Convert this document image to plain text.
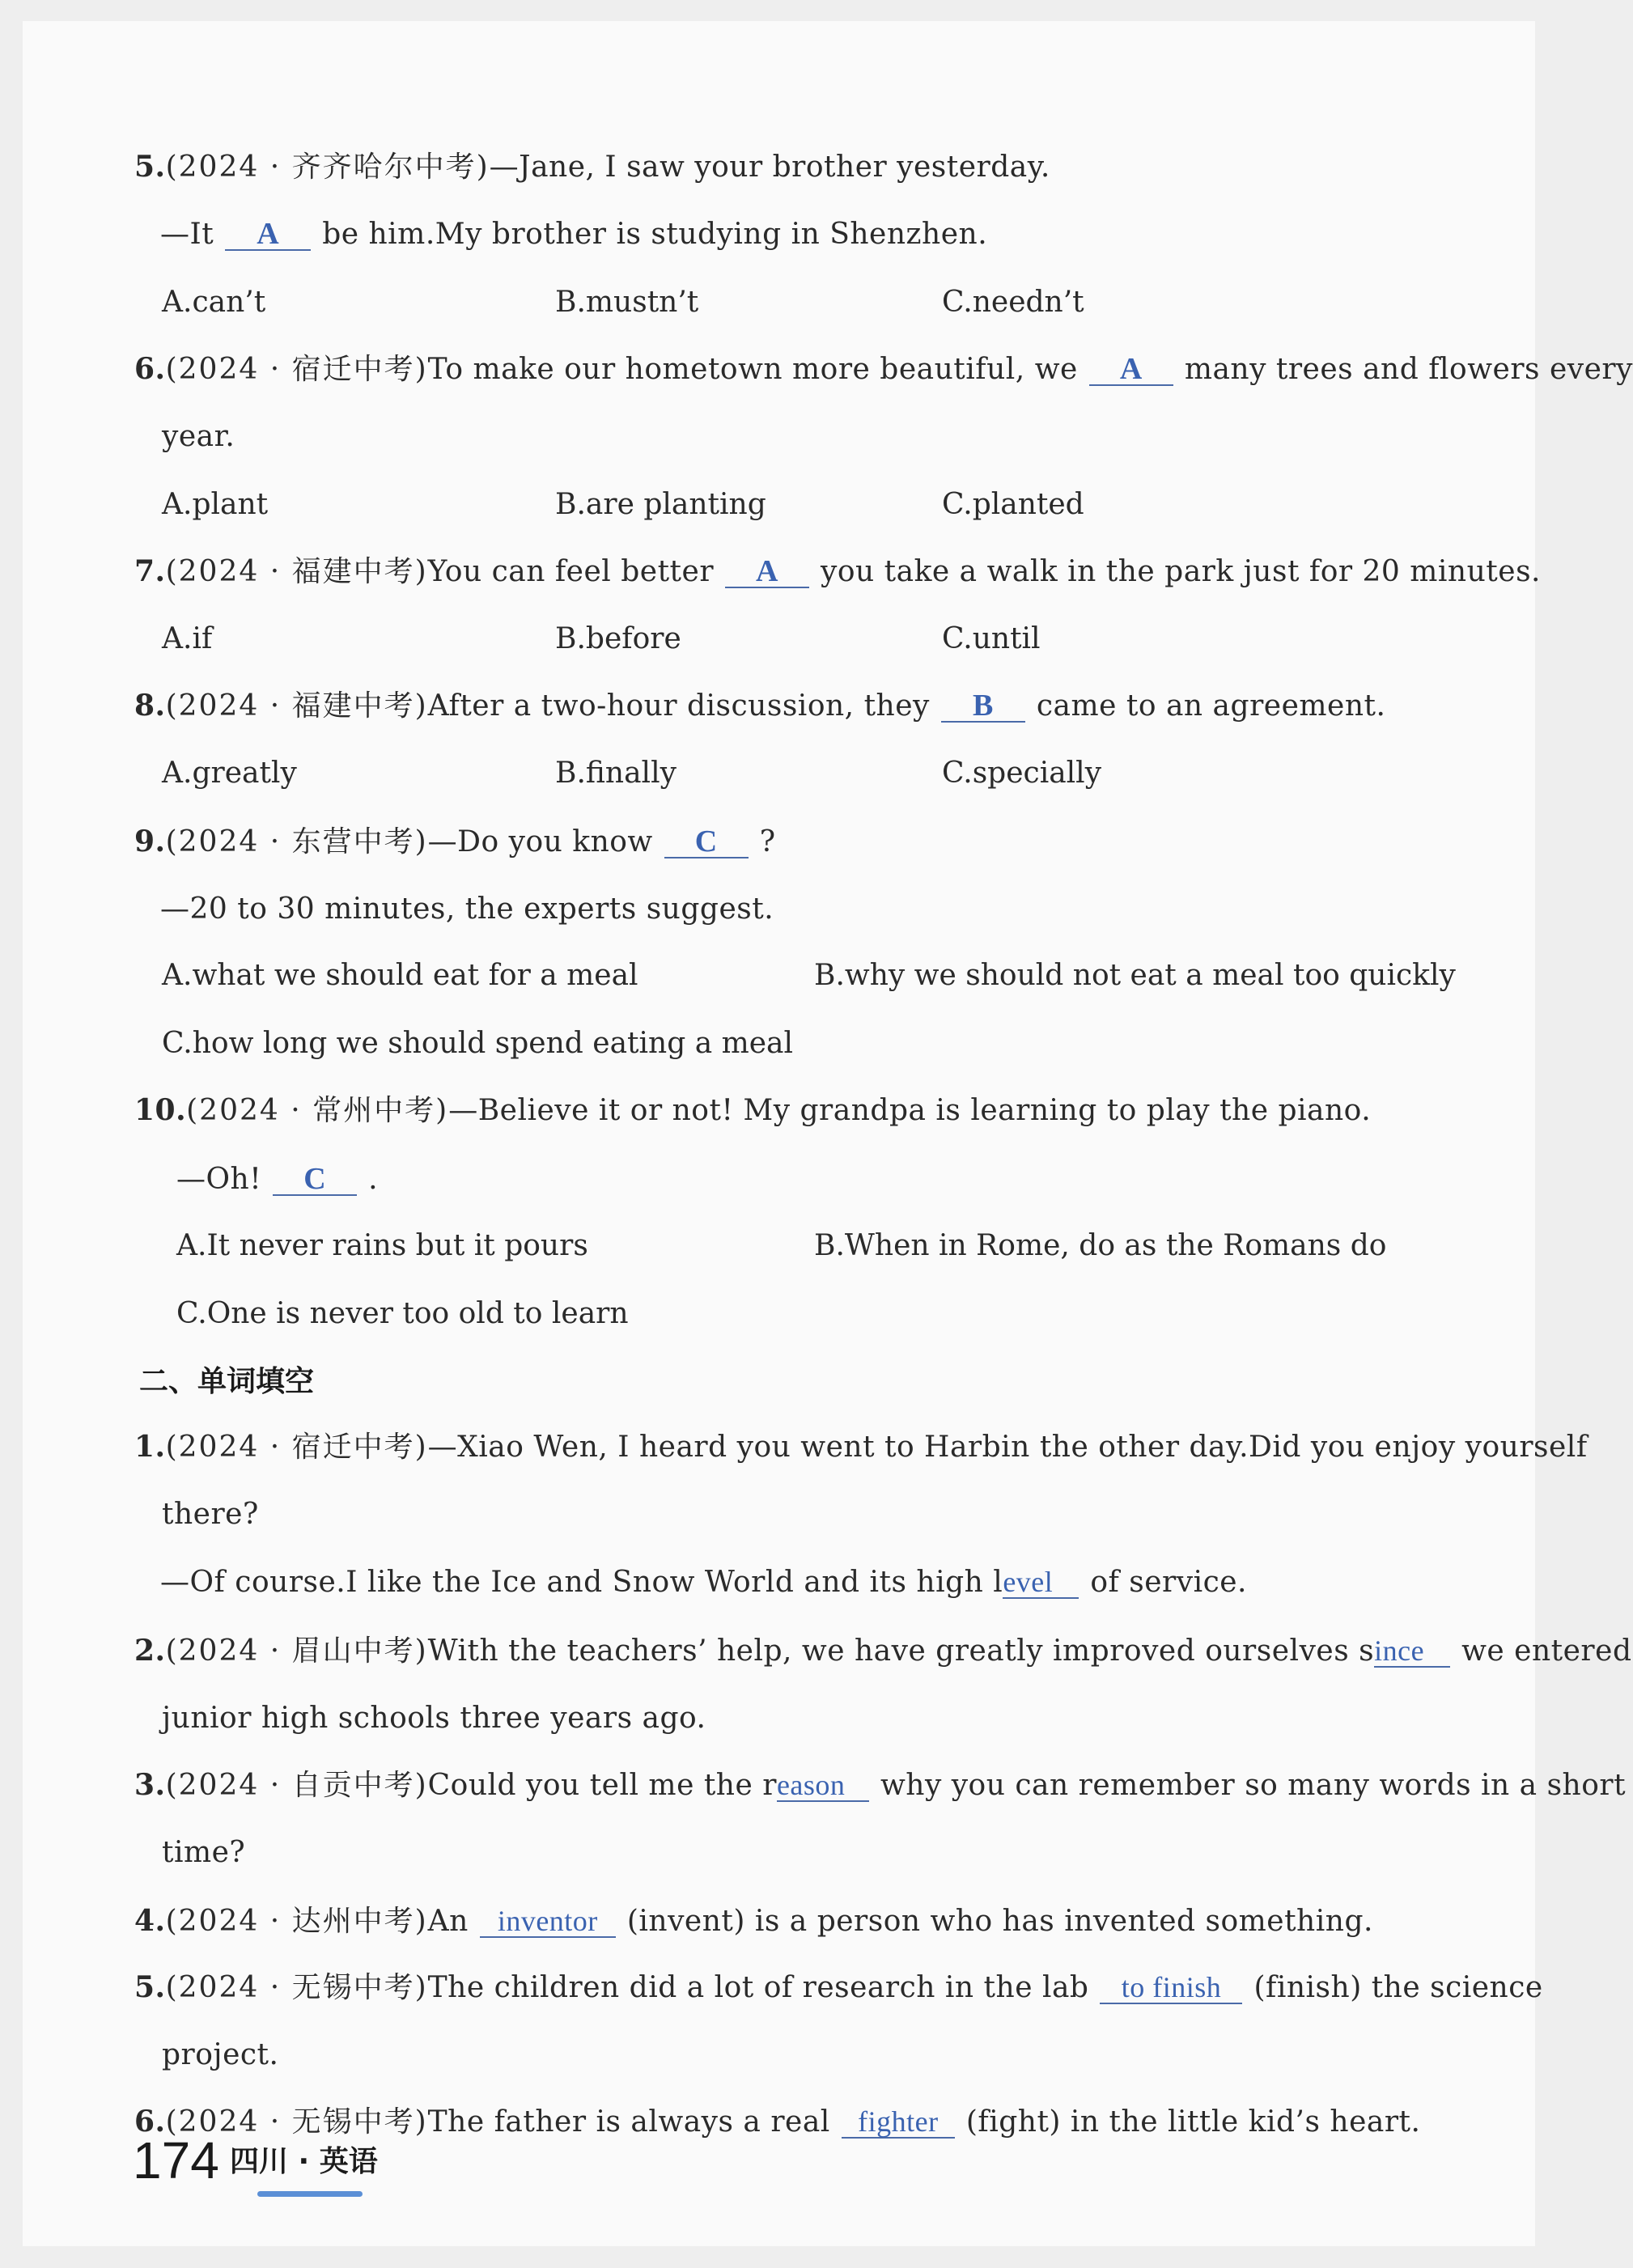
5.(2024 · 齐齐哈尔中考)—Jane, I saw your brother yesterday.
—It A be him.My brother is studying in Shenzhen.
A.can’t	B.mustn’t	C.needn’t
6.(2024 · 宿迁中考)To make our hometown more beautiful, we A many trees and flowers every
year.
A.plant	B.are planting	C.planted
7.(2024 · 福建中考)You can feel better A you take a walk in the park just for 20 minutes.
A.if	B.before	C.until
8.(2024 · 福建中考)After a two-hour discussion, they B came to an agreement.
A.greatly	B.finally	C.specially
9.(2024 · 东营中考)—Do you know C ?
—20 to 30 minutes, the experts suggest.
A.what we should eat for a meal	B.why we should not eat a meal too quickly
C.how long we should spend eating a meal
10.(2024 · 常州中考)—Believe it or not! My grandpa is learning to play the piano.
—Oh! C .
A.It never rains but it pours	B.When in Rome, do as the Romans do
C.One is never too old to learn
二、单词填空
1.(2024 · 宿迁中考)—Xiao Wen, I heard you went to Harbin the other day.Did you enjoy yourself
there?
—Of course.I like the Ice and Snow World and its high level of service.
2.(2024 · 眉山中考)With the teachers’ help, we have greatly improved ourselves since we entered
junior high schools three years ago.
3.(2024 · 自贡中考)Could you tell me the reason why you can remember so many words in a short
time?
4.(2024 · 达州中考)An inventor (invent) is a person who has invented something.
5.(2024 · 无锡中考)The children did a lot of research in the lab to finish (finish) the science
project.
6.(2024 · 无锡中考)The father is always a real fighter (fight) in the little kid’s heart.
174 四川 · 英语
